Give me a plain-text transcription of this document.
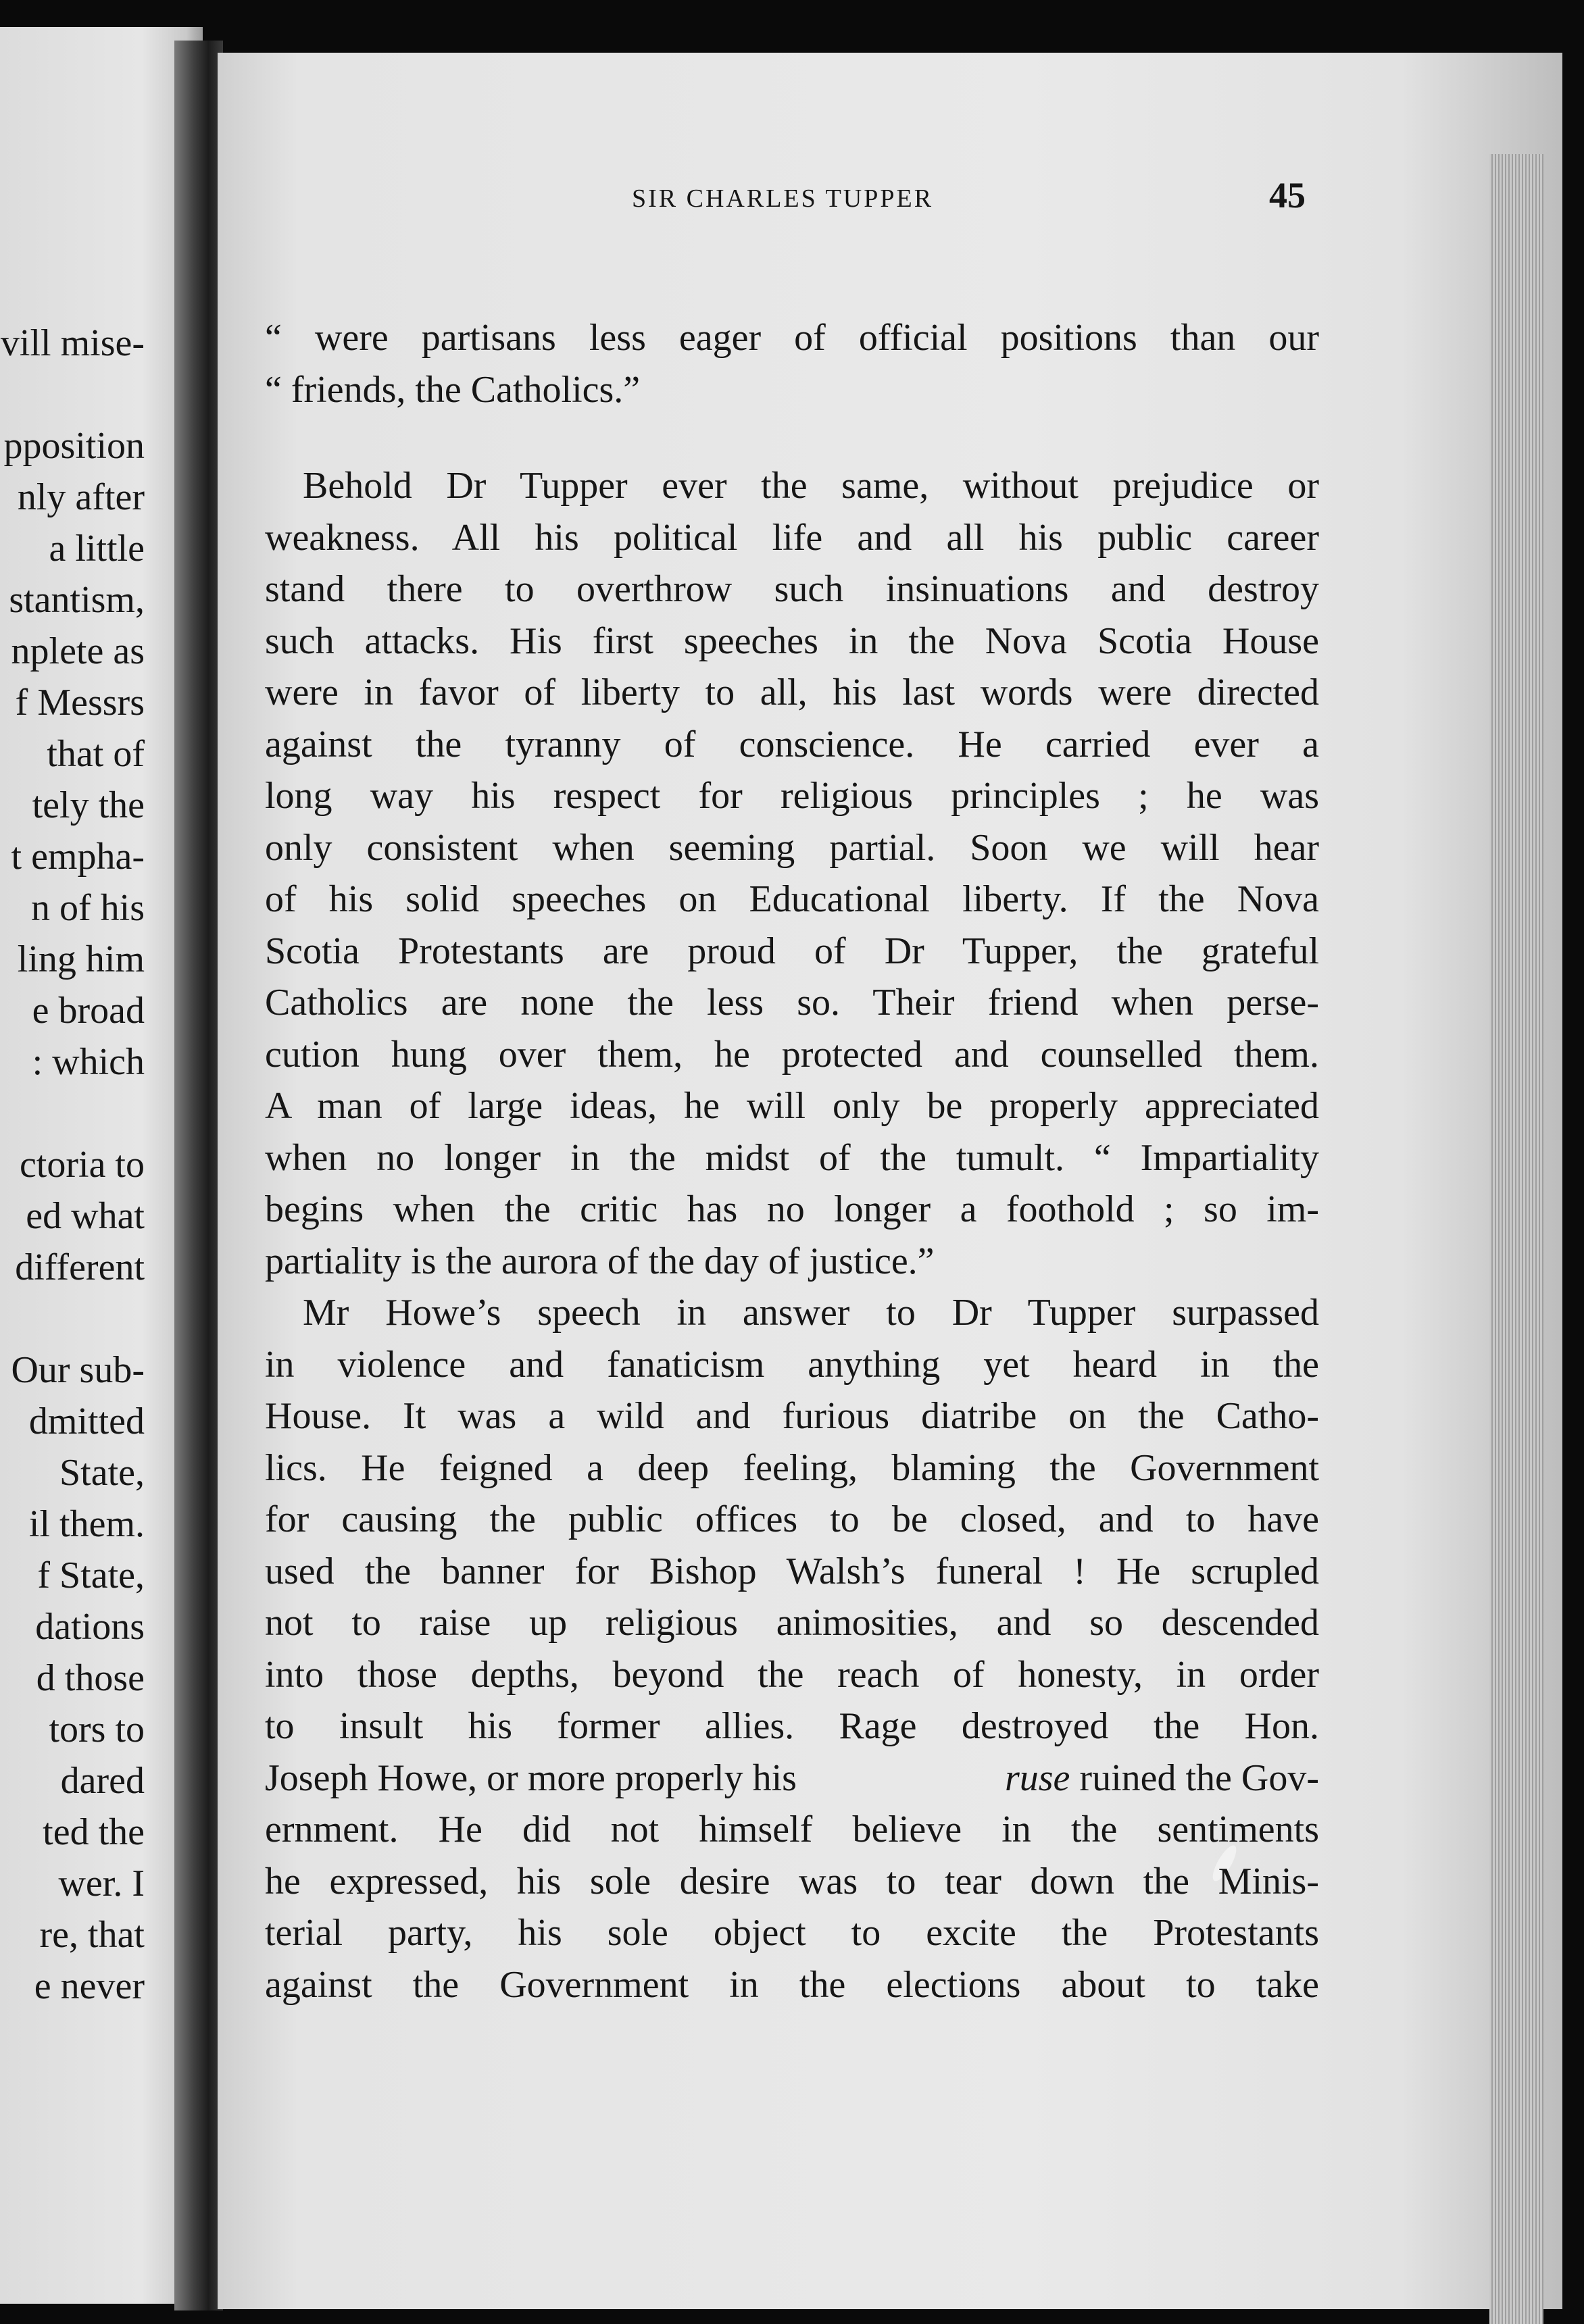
vill mise-
pposition
nly after
a little
stantism,
nplete as
f Messrs
that of
tely the
t empha-
n of his
ling him
e broad
: which
ctoria to
ed what
different
Our sub-
dmitted
State,
il them.
f State,
dations
d those
tors to
dared
ted the
wer. I
re, that
e never
SIR CHARLES TUPPER	45

“ were partisans less eager of official positions than our
“ friends, the Catholics.”

Behold Dr Tupper ever the same, without prejudice or
weakness. All his political life and all his public career
stand there to overthrow such insinuations and destroy
such attacks. His first speeches in the Nova Scotia House
were in favor of liberty to all, his last words were directed
against the tyranny of conscience. He carried ever a
long way his respect for religious principles ; he was
only consistent when seeming partial. Soon we will hear
of his solid speeches on Educational liberty. If the Nova
Scotia Protestants are proud of Dr Tupper, the grateful
Catholics are none the less so. Their friend when perse-
cution hung over them, he protected and counselled them.
A man of large ideas, he will only be properly appreciated
when no longer in the midst of the tumult. “ Impartiality
begins when the critic has no longer a foothold ; so im-
partiality is the aurora of the day of justice.”

Mr Howe’s speech in answer to Dr Tupper surpassed
in violence and fanaticism anything yet heard in the
House. It was a wild and furious diatribe on the Catho-
lics. He feigned a deep feeling, blaming the Government
for causing the public offices to be closed, and to have
used the banner for Bishop Walsh’s funeral ! He scrupled
not to raise up religious animosities, and so descended
into those depths, beyond the reach of honesty, in order
to insult his former allies. Rage destroyed the Hon.
Joseph Howe, or more properly his	ruse ruined the Gov-
ernment. He did not himself believe in the sentiments
he expressed, his sole desire was to tear down the Minis-
terial party, his sole object to excite the Protestants
against the Government in the elections about to take
